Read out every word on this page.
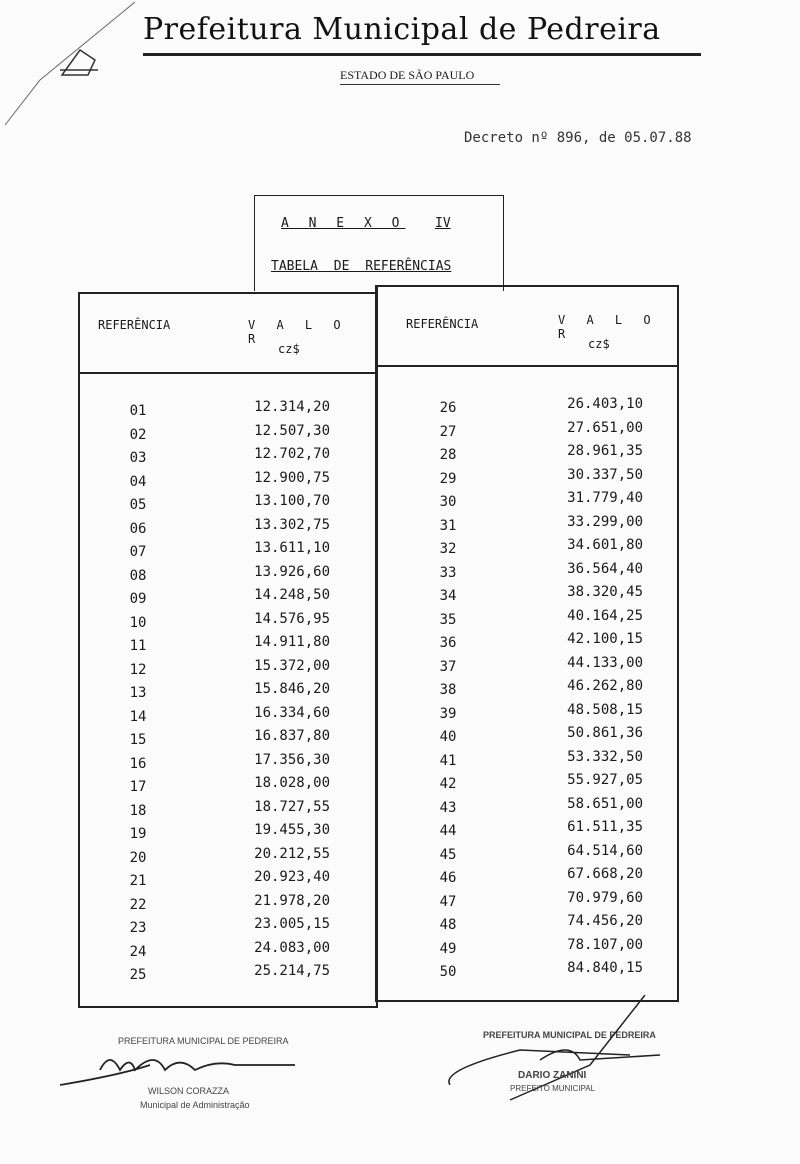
Prefeitura Municipal de Pedreira
ESTADO DE SÃO PAULO
Decreto nº 896, de 05.07.88
A N E X O IV
TABELA DE REFERÊNCIAS
REFERÊNCIA	V A L O R
cz$
01	12.314,20
02	12.507,30
03	12.702,70
04	12.900,75
05	13.100,70
06	13.302,75
07	13.611,10
08	13.926,60
09	14.248,50
10	14.576,95
11	14.911,80
12	15.372,00
13	15.846,20
14	16.334,60
15	16.837,80
16	17.356,30
17	18.028,00
18	18.727,55
19	19.455,30
20	20.212,55
21	20.923,40
22	21.978,20
23	23.005,15
24	24.083,00
25	25.214,75
REFERÊNCIA	V A L O R
cz$
26	26.403,10
27	27.651,00
28	28.961,35
29	30.337,50
30	31.779,40
31	33.299,00
32	34.601,80
33	36.564,40
34	38.320,45
35	40.164,25
36	42.100,15
37	44.133,00
38	46.262,80
39	48.508,15
40	50.861,36
41	53.332,50
42	55.927,05
43	58.651,00
44	61.511,35
45	64.514,60
46	67.668,20
47	70.979,60
48	74.456,20
49	78.107,00
50	84.840,15
PREFEITURA MUNICIPAL DE PEDREIRA
WILSON CORAZZA
Municipal de Administração
PREFEITURA MUNICIPAL DE PEDREIRA
DARIO ZANINI
PREFEITO MUNICIPAL
